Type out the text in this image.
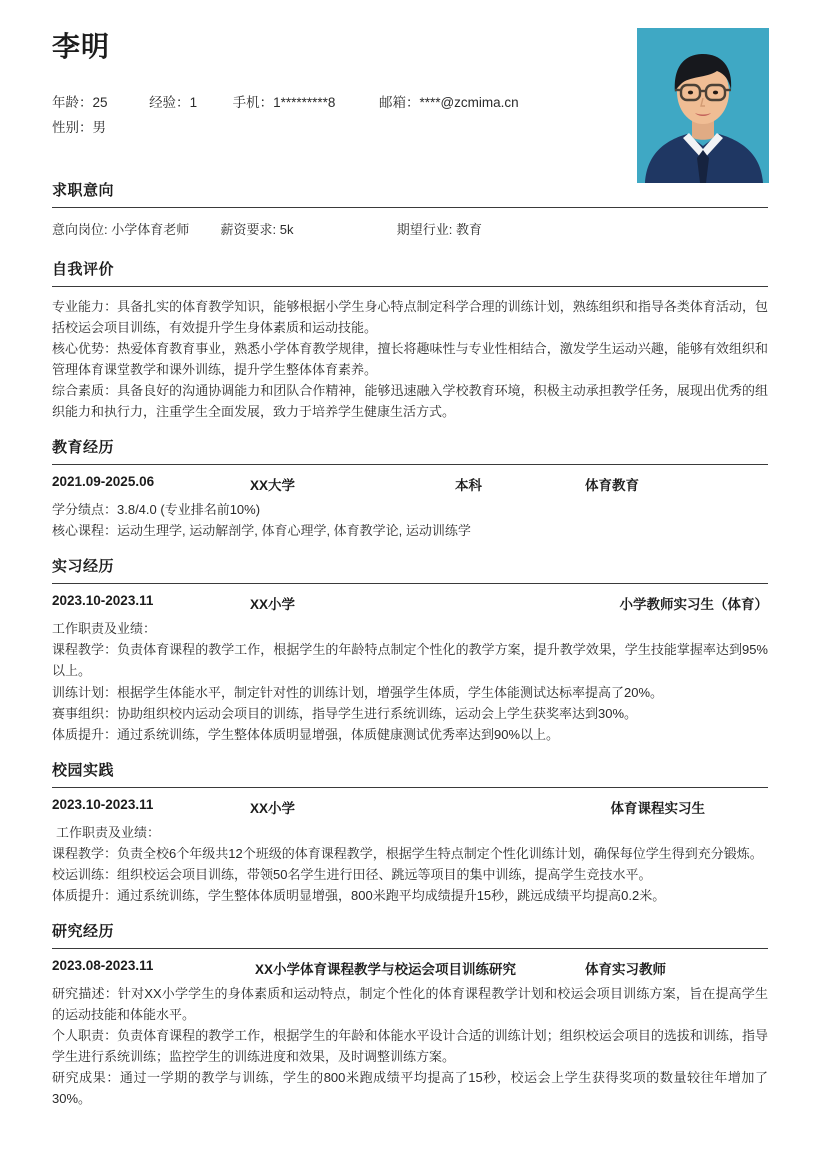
李明
年龄：25	经验：1	手机：1*********8	邮箱：****@zcmima.cn
性别：男
求职意向
意向岗位: 小学体育老师 薪资要求: 5k	期望行业: 教育
自我评价

专业能力：具备扎实的体育教学知识，能够根据小学生身心特点制定科学合理的训练计划，熟练组织和指导各类体育活动，包括校运会项目训练，有效提升学生身体素质和运动技能。

核心优势：热爱体育教育事业，熟悉小学体育教学规律，擅长将趣味性与专业性相结合，激发学生运动兴趣，能够有效组织和管理体育课堂教学和课外训练，提升学生整体体育素养。

综合素质：具备良好的沟通协调能力和团队合作精神，能够迅速融入学校教育环境，积极主动承担教学任务，展现出优秀的组织能力和执行力，注重学生全面发展，致力于培养学生健康生活方式。

教育经历
2021.09-2025.06	XX大学	本科	体育教育

学分绩点：3.8/4.0 (专业排名前10%)

核心课程：运动生理学, 运动解剖学, 体育心理学, 体育教学论, 运动训练学

实习经历
2023.10-2023.11	XX小学	小学教师实习生（体育）

工作职责及业绩：

课程教学：负责体育课程的教学工作，根据学生的年龄特点制定个性化的教学方案，提升教学效果，学生技能掌握率达到95%以上。

训练计划：根据学生体能水平，制定针对性的训练计划，增强学生体质，学生体能测试达标率提高了20%。

赛事组织：协助组织校内运动会项目的训练，指导学生进行系统训练，运动会上学生获奖率达到30%。

体质提升：通过系统训练，学生整体体质明显增强，体质健康测试优秀率达到90%以上。

校园实践
2023.10-2023.11	XX小学	体育课程实习生

工作职责及业绩：

课程教学：负责全校6个年级共12个班级的体育课程教学，根据学生特点制定个性化训练计划，确保每位学生得到充分锻炼。

校运训练：组织校运会项目训练，带领50名学生进行田径、跳远等项目的集中训练，提高学生竞技水平。

体质提升：通过系统训练，学生整体体质明显增强，800米跑平均成绩提升15秒，跳远成绩平均提高0.2米。

研究经历
2023.08-2023.11	XX小学体育课程教学与校运会项目训练研究	体育实习教师

研究描述：针对XX小学学生的身体素质和运动特点，制定个性化的体育课程教学计划和校运会项目训练方案，旨在提高学生的运动技能和体能水平。

个人职责：负责体育课程的教学工作，根据学生的年龄和体能水平设计合适的训练计划；组织校运会项目的选拔和训练，指导学生进行系统训练；监控学生的训练进度和效果，及时调整训练方案。

研究成果：通过一学期的教学与训练，学生的800米跑成绩平均提高了15秒，校运会上学生获得奖项的数量较往年增加了30%。
